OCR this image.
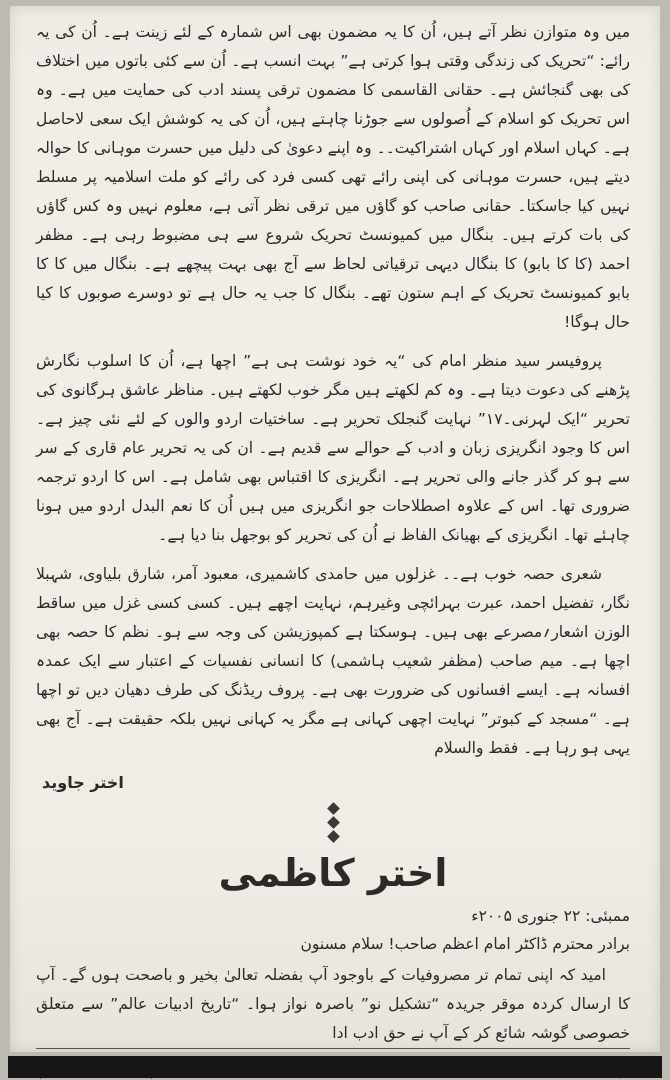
میں وہ متوازن نظر آتے ہیں، اُن کا یہ مضمون بھی اس شمارہ کے لئے زینت ہے۔ اُن کی یہ رائے: “تحریک کی زندگی وقتی ہوا کرتی ہے” بہت انسب ہے۔ اُن سے کئی باتوں میں اختلاف کی بھی گنجائش ہے۔ حقانی القاسمی کا مضمون ترقی پسند ادب کی حمایت میں ہے۔ وہ اس تحریک کو اسلام کے اُصولوں سے جوڑنا چاہتے ہیں، اُن کی یہ کوشش ایک سعی لاحاصل ہے۔ کہاں اسلام اور کہاں اشتراکیت۔۔ وہ اپنے دعویٰ کی دلیل میں حسرت موہانی کا حوالہ دیتے ہیں، حسرت موہانی کی اپنی رائے تھی کسی فرد کی رائے کو ملت اسلامیہ پر مسلط نہیں کیا جاسکتا۔ حقانی صاحب کو گاؤں میں ترقی نظر آتی ہے، معلوم نہیں وہ کس گاؤں کی بات کرتے ہیں۔ بنگال میں کمیونسٹ تحریک شروع سے ہی مضبوط رہی ہے۔ مظفر احمد (کا کا بابو) کا بنگال دیہی ترقیاتی لحاظ سے آج بھی بہت پیچھے ہے۔ بنگال میں کا کا بابو کمیونسٹ تحریک کے اہم ستون تھے۔ بنگال کا جب یہ حال ہے تو دوسرے صوبوں کا کیا حال ہوگا!

پروفیسر سید منظر امام کی “یہ خود نوشت ہی ہے” اچھا ہے، اُن کا اسلوب نگارش پڑھنے کی دعوت دیتا ہے۔ وہ کم لکھتے ہیں مگر خوب لکھتے ہیں۔ مناظر عاشق ہرگانوی کی تحریر “ایک لہرنی۔۱۷” نہایت گنجلک تحریر ہے۔ ساختیات اردو والوں کے لئے نئی چیز ہے۔ اس کا وجود انگریزی زبان و ادب کے حوالے سے قدیم ہے۔ ان کی یہ تحریر عام قاری کے سر سے ہو کر گذر جانے والی تحریر ہے۔ انگریزی کا اقتباس بھی شامل ہے۔ اس کا اردو ترجمہ ضروری تھا۔ اس کے علاوہ اصطلاحات جو انگریزی میں ہیں اُن کا نعم البدل اردو میں ہونا چاہئے تھا۔ انگریزی کے بھیانک الفاظ نے اُن کی تحریر کو بوجھل بنا دیا ہے۔

شعری حصہ خوب ہے۔۔ غزلوں میں حامدی کاشمیری، معبود آمر، شارق بلیاوی، شہبلا نگار، تفضیل احمد، عبرت بہرائچی وغیرہم، نہایت اچھے ہیں۔ کسی کسی غزل میں ساقط الوزن اشعار؍مصرعے بھی ہیں۔ ہوسکتا ہے کمپوزیشن کی وجہ سے ہو۔ نظم کا حصہ بھی اچھا ہے۔ میم صاحب (مظفر شعیب ہاشمی) کا انسانی نفسیات کے اعتبار سے ایک عمدہ افسانہ ہے۔ ایسے افسانوں کی ضرورت بھی ہے۔ پروف ریڈنگ کی طرف دھیان دیں تو اچھا ہے۔ “مسجد کے کبوتر” نہایت اچھی کہانی ہے مگر یہ کہانی نہیں بلکہ حقیقت ہے۔ آج بھی یہی ہو رہا ہے۔ فقط والسلام

اختر جاوید
اختر کاظمی
ممبئی: ۲۲ جنوری ۲۰۰۵ء
برادر محترم ڈاکٹر امام اعظم صاحب! سلام مسنون

امید کہ اپنی تمام تر مصروفیات کے باوجود آپ بفضلہ تعالیٰ بخیر و باصحت ہوں گے۔ آپ کا ارسال کردہ موقر جریدہ “تشکیل نو” باصرہ نواز ہوا۔ “تاریخ ادبیات عالم” سے متعلق خصوصی گوشہ شائع کر کے آپ نے حق ادب ادا
